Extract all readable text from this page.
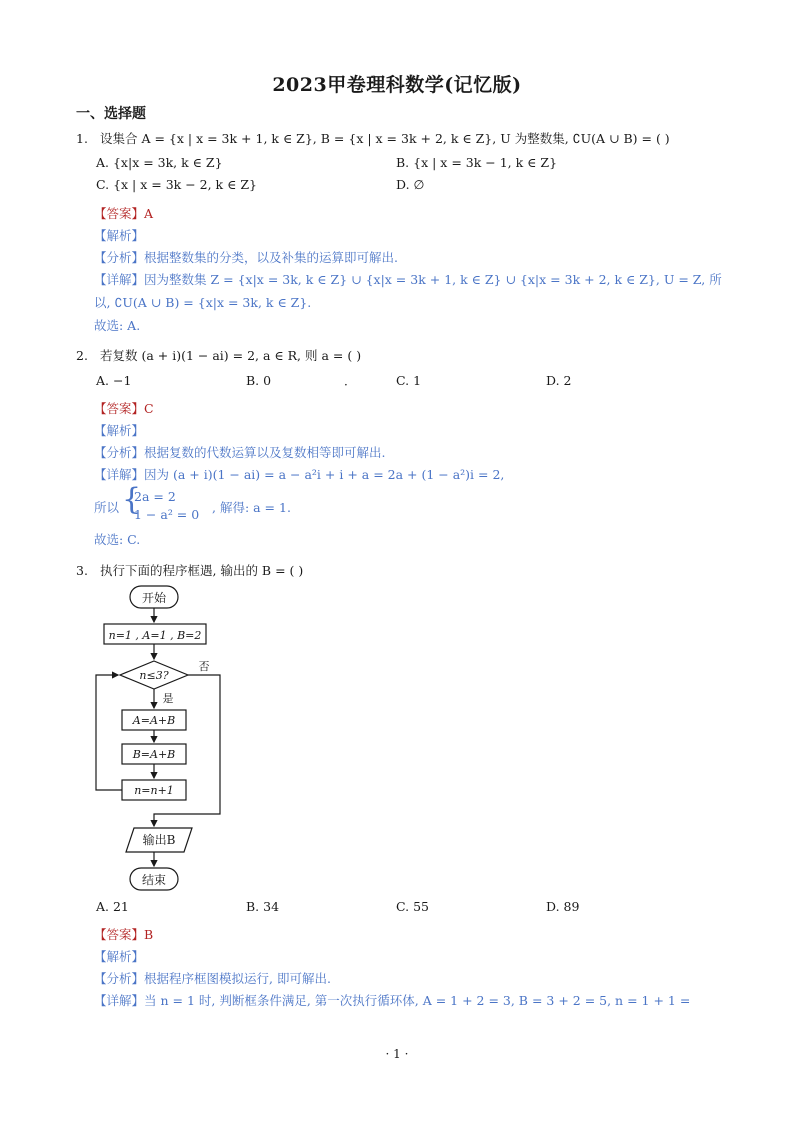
2023甲卷理科数学(记忆版)
一、选择题
1. 设集合 A = {x | x = 3k + 1, k ∈ Z}, B = {x | x = 3k + 2, k ∈ Z}, U 为整数集, ∁U(A ∪ B) = ( )
A. {x|x = 3k, k ∈ Z}	B. {x | x = 3k − 1, k ∈ Z}
C. {x | x = 3k − 2, k ∈ Z}	D. ∅
【答案】A
【解析】
【分析】根据整数集的分类，以及补集的运算即可解出.
【详解】因为整数集 Z = {x|x = 3k, k ∈ Z} ∪ {x|x = 3k + 1, k ∈ Z} ∪ {x|x = 3k + 2, k ∈ Z}, U = Z, 所
以, ∁U(A ∪ B) = {x|x = 3k, k ∈ Z}.
故选: A.
2. 若复数 (a + i)(1 − ai) = 2, a ∈ R, 则 a = ( )
A. −1	B. 0	·	C. 1	D. 2
【答案】C
【解析】
【分析】根据复数的代数运算以及复数相等即可解出.
【详解】因为 (a + i)(1 − ai) = a − a²i + i + a = 2a + (1 − a²)i = 2,
所以 {
2a = 2
1 − a² = 0 , 解得: a = 1.
故选: C.
3. 执行下面的程序框遇, 输出的 B = ( )
开始
n=1 , A=1 , B=2
n≤3?
否
是
A=A+B
B=A+B
n=n+1
输出B
结束
A. 21	B. 34	C. 55	D. 89
【答案】B
【解析】
【分析】根据程序框图模拟运行, 即可解出.
【详解】当 n = 1 时, 判断框条件满足, 第一次执行循环体, A = 1 + 2 = 3, B = 3 + 2 = 5, n = 1 + 1 =
· 1 ·
